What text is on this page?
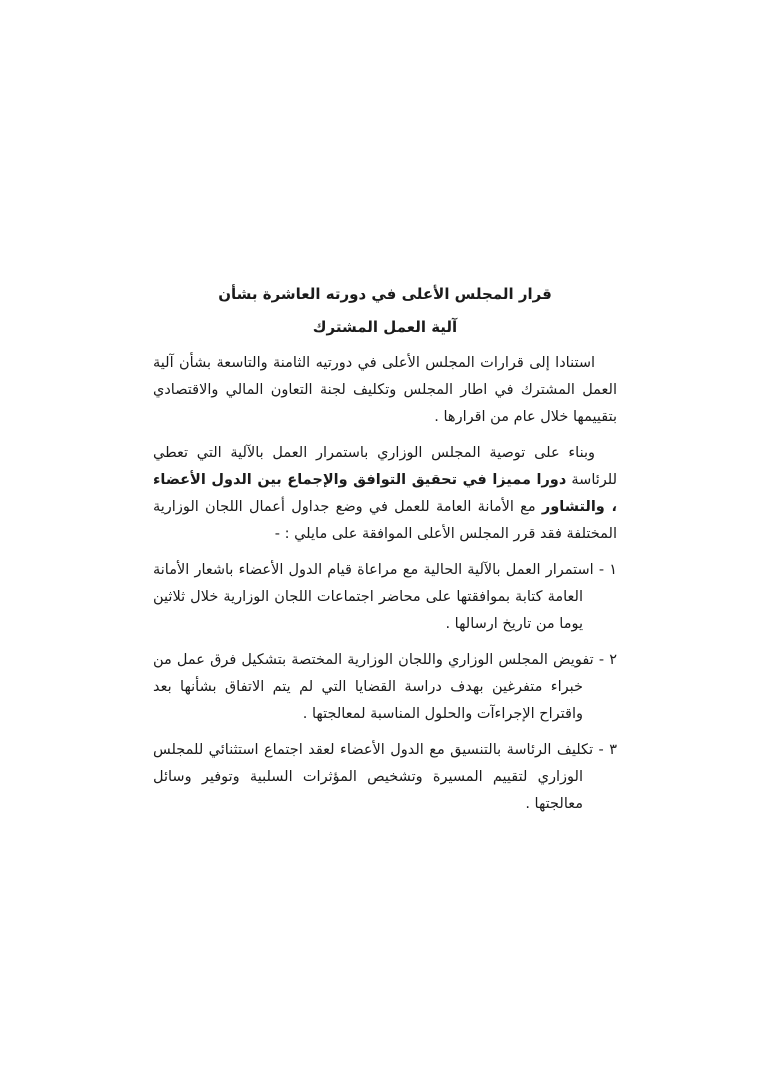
قرار المجلس الأعلى في دورته العاشرة بشأن

آلية العمل المشترك

استنادا إلى قرارات المجلس الأعلى في دورتيه الثامنة والتاسعة بشأن آلية العمل المشترك في اطار المجلس وتكليف لجنة التعاون المالي والاقتصادي بتقييمها خلال عام من اقرارها .

وبناء على توصية المجلس الوزاري باستمرار العمل بالآلية التي تعطي للرئاسة دورا مميزا في تحقيق التوافق والإجماع بين الدول الأعضاء ، والتشاور مع الأمانة العامة للعمل في وضع جداول أعمال اللجان الوزارية المختلفة فقد قرر المجلس الأعلى الموافقة على مايلي : -

١ - استمرار العمل بالآلية الحالية مع مراعاة قيام الدول الأعضاء باشعار الأمانة العامة كتابة بموافقتها على محاضر اجتماعات اللجان الوزارية خلال ثلاثين يوما من تاريخ ارسالها .

٢ - تفويض المجلس الوزاري واللجان الوزارية المختصة بتشكيل فرق عمل من خبراء متفرغين بهدف دراسة القضايا التي لم يتم الاتفاق بشأنها بعد واقتراح الإجراءآت والحلول المناسبة لمعالجتها .

٣ - تكليف الرئاسة بالتنسيق مع الدول الأعضاء لعقد اجتماع استثنائي للمجلس الوزاري لتقييم المسيرة وتشخيص المؤثرات السلبية وتوفير وسائل معالجتها .
